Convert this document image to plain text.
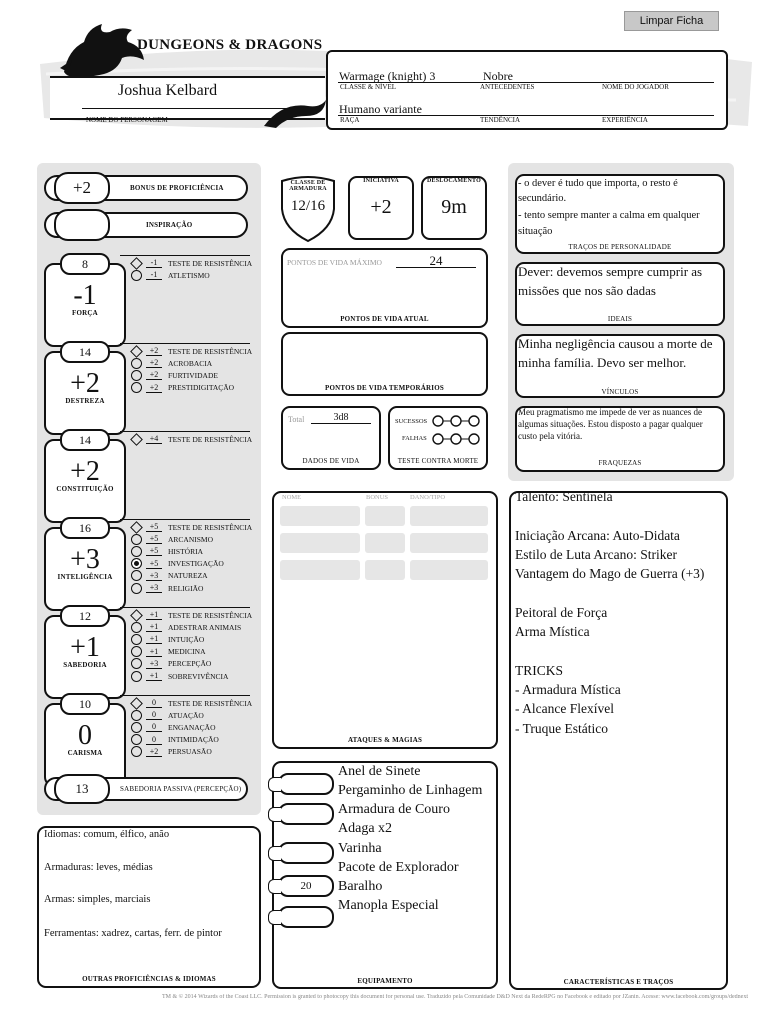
Limpar Ficha
DUNGEONS & DRAGONS
Joshua Kelbard
NOME DO PERSONAGEM
Warmage (knight) 3	Nobre
CLASSE & NÍVEL	ANTECEDENTES	NOME DO JOGADOR
Humano variante
RAÇA	TENDÊNCIA	EXPERIÊNCIA
+2	BONUS DE PROFICIÊNCIA
INSPIRAÇÃO
8
-1
FORÇA
-1	TESTE DE RESISTÊNCIA
-1	ATLETISMO
14
+2
DESTREZA
+2	TESTE DE RESISTÊNCIA
+2	ACROBACIA
+2	FURTIVIDADE
+2	PRESTIDIGITAÇÃO
14
+2
CONSTITUIÇÃO
+4	TESTE DE RESISTÊNCIA
16
+3
INTELIGÊNCIA
+5	TESTE DE RESISTÊNCIA
+5	ARCANISMO
+5	HISTÓRIA
+5	INVESTIGAÇÃO
+3	NATUREZA
+3	RELIGIÃO
12
+1
SABEDORIA
+1	TESTE DE RESISTÊNCIA
+1	ADESTRAR ANIMAIS
+1	INTUIÇÃO
+1	MEDICINA
+3	PERCEPÇÃO
+1	SOBREVIVÊNCIA
10
0
CARISMA
0	TESTE DE RESISTÊNCIA
0	ATUAÇÃO
0	ENGANAÇÃO
0	INTIMIDAÇÃO
+2	PERSUASÃO
13	SABEDORIA PASSIVA (PERCEPÇÃO)
Idiomas: comum, élfico, anão
Armaduras: leves, médias
Armas: simples, marciais
Ferramentas: xadrez, cartas, ferr. de pintor
OUTRAS PROFICIÊNCIAS & IDIOMAS
CLASSE DE ARMADURA
12/16
INICIATIVA
+2
DESLOCAMENTO
9m
PONTOS DE VIDA MÁXIMO	24
PONTOS DE VIDA ATUAL
PONTOS DE VIDA TEMPORÁRIOS
Total	3d8
DADOS DE VIDA
SUCESSOS
FALHAS
TESTE CONTRA MORTE
NOME	BONUS	DANO/TIPO
ATAQUES & MAGIAS
20
Anel de Sinete
Pergaminho de Linhagem
Armadura de Couro
Adaga x2
Varinha
Pacote de Explorador
Baralho
Manopla Especial
EQUIPAMENTO
- o dever é tudo que importa, o resto é secundário.
- tento sempre manter a calma em qualquer situação
TRAÇOS DE PERSONALIDADE
Dever: devemos sempre cumprir as missões que nos são dadas
IDEAIS
Minha negligência causou a morte de minha família. Devo ser melhor.
VÍNCULOS
Meu pragmatismo me impede de ver as nuances de algumas situações. Estou disposto a pagar qualquer custo pela vitória.
FRAQUEZAS
Talento: Sentinela
Iniciação Arcana: Auto-Didata
Estilo de Luta Arcano: Striker
Vantagem do Mago de Guerra (+3)
Peitoral de Força
Arma Mística
TRICKS
- Armadura Mística
- Alcance Flexível
- Truque Estático
CARACTERÍSTICAS E TRAÇOS
TM & © 2014 Wizards of the Coast LLC. Permission is granted to photocopy this document for personal use. Traduzido pela Comunidade D&D Next da RedeRPG no Facebook e editado por JZanin. Acesse: www.facebook.com/groups/dednext
